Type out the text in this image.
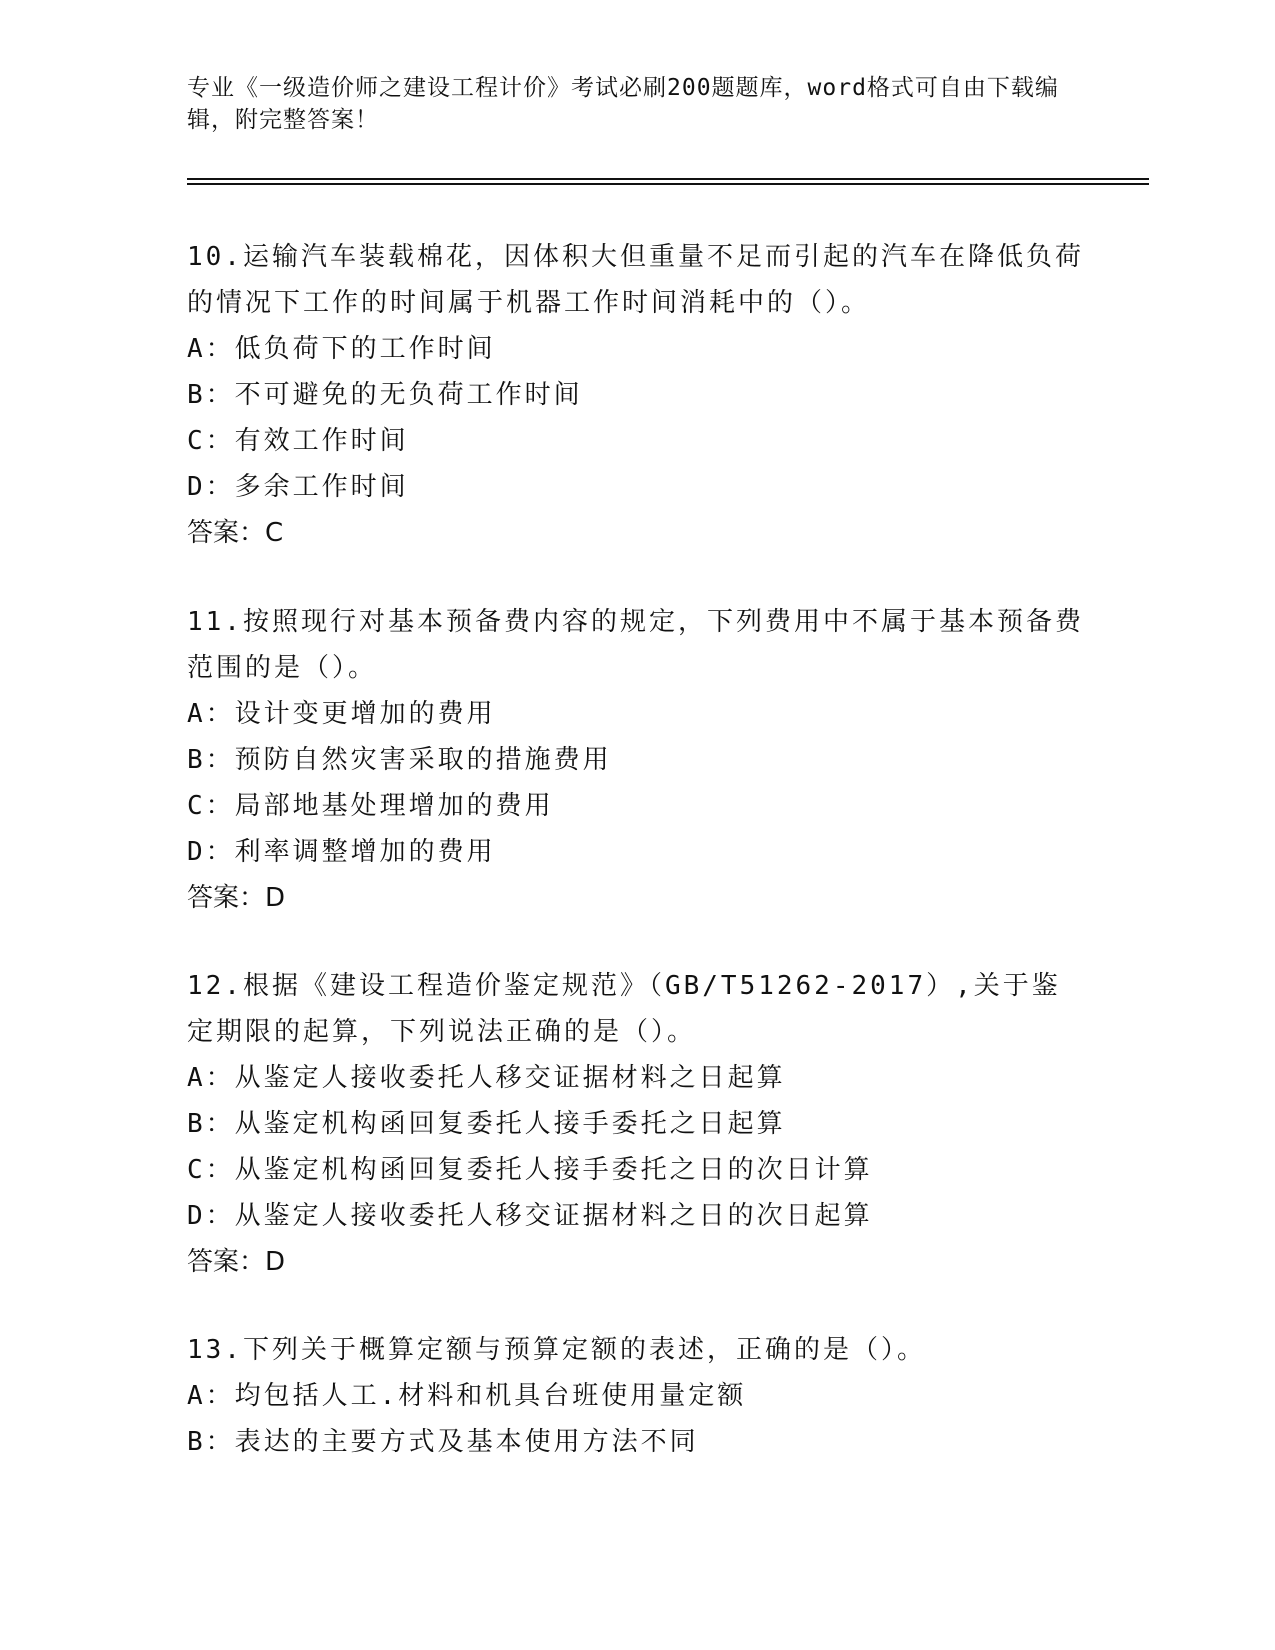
专业《一级造价师之建设工程计价》考试必刷200题题库，word格式可自由下载编辑，附完整答案！

10.运输汽车装载棉花，因体积大但重量不足而引起的汽车在降低负荷的情况下工作的时间属于机器工作时间消耗中的（）。

A：低负荷下的工作时间

B：不可避免的无负荷工作时间

C：有效工作时间

D：多余工作时间

答案：C

11.按照现行对基本预备费内容的规定，下列费用中不属于基本预备费范围的是（）。

A：设计变更增加的费用

B：预防自然灾害采取的措施费用

C：局部地基处理增加的费用

D：利率调整增加的费用

答案：D

12.根据《建设工程造价鉴定规范》（GB/T51262-2017）,关于鉴定期限的起算，下列说法正确的是（）。

A：从鉴定人接收委托人移交证据材料之日起算

B：从鉴定机构函回复委托人接手委托之日起算

C：从鉴定机构函回复委托人接手委托之日的次日计算

D：从鉴定人接收委托人移交证据材料之日的次日起算

答案：D

13.下列关于概算定额与预算定额的表述，正确的是（）。

A：均包括人工.材料和机具台班使用量定额

B：表达的主要方式及基本使用方法不同
